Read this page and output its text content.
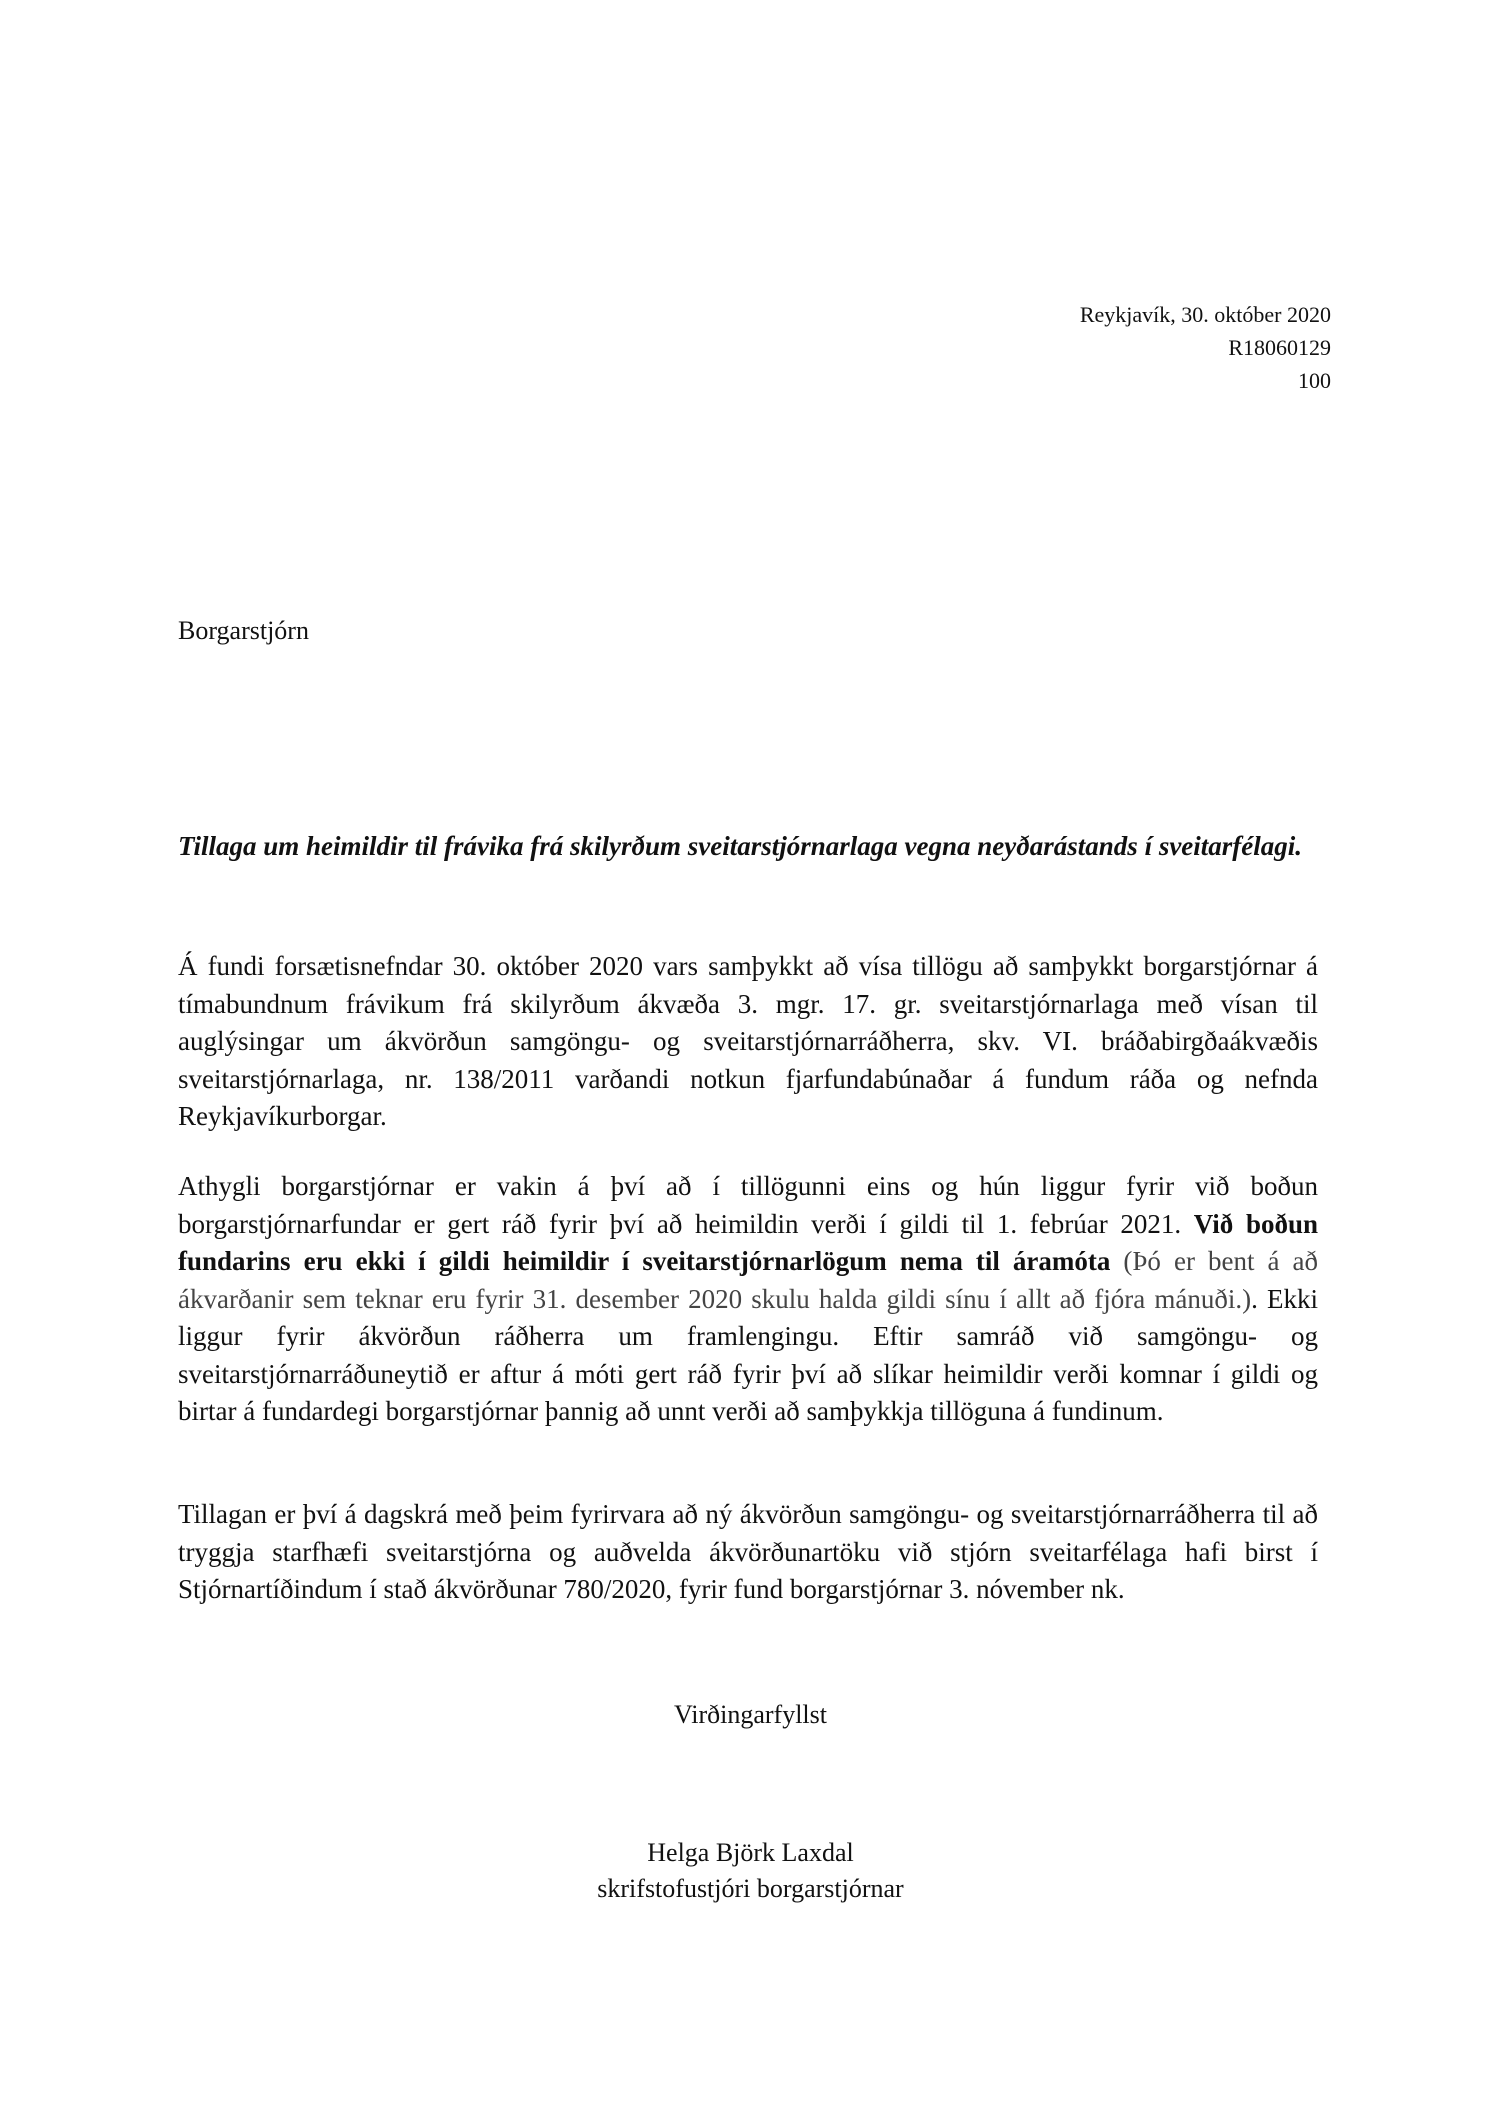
Reykjavík, 30. október 2020
R18060129
100
Borgarstjórn
Tillaga um heimildir til frávika frá skilyrðum sveitarstjórnarlaga vegna neyðarástands í sveitarfélagi.
Á fundi forsætisnefndar 30. október 2020 vars samþykkt að vísa tillögu að samþykkt borgarstjórnar á tímabundnum frávikum frá skilyrðum ákvæða 3. mgr. 17. gr. sveitarstjórnarlaga með vísan til auglýsingar um ákvörðun samgöngu- og sveitarstjórnarráðherra, skv. VI. bráðabirgðaákvæðis sveitarstjórnarlaga, nr. 138/2011 varðandi notkun fjarfundabúnaðar á fundum ráða og nefnda Reykjavíkurborgar.
Athygli borgarstjórnar er vakin á því að í tillögunni eins og hún liggur fyrir við boðun borgarstjórnarfundar er gert ráð fyrir því að heimildin verði í gildi til 1. febrúar 2021. Við boðun fundarins eru ekki í gildi heimildir í sveitarstjórnarlögum nema til áramóta (Þó er bent á að ákvarðanir sem teknar eru fyrir 31. desember 2020 skulu halda gildi sínu í allt að fjóra mánuði.). Ekki liggur fyrir ákvörðun ráðherra um framlengingu. Eftir samráð við samgöngu- og sveitarstjórnarráðuneytið er aftur á móti gert ráð fyrir því að slíkar heimildir verði komnar í gildi og birtar á fundardegi borgarstjórnar þannig að unnt verði að samþykkja tillöguna á fundinum.
Tillagan er því á dagskrá með þeim fyrirvara að ný ákvörðun samgöngu- og sveitarstjórnarráðherra til að tryggja starfhæfi sveitarstjórna og auðvelda ákvörðunartöku við stjórn sveitarfélaga hafi birst í Stjórnartíðindum í stað ákvörðunar 780/2020, fyrir fund borgarstjórnar 3. nóvember nk.
Virðingarfyllst
Helga Björk Laxdal
skrifstofustjóri borgarstjórnar
